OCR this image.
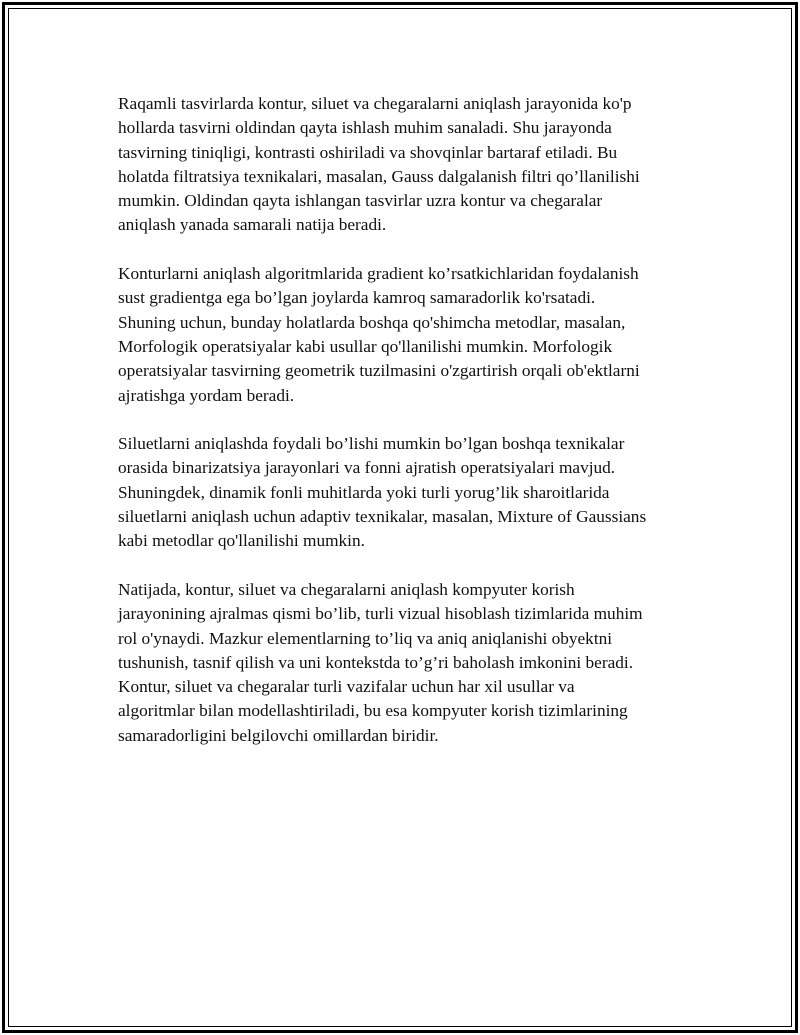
Raqamli tasvirlarda kontur, siluet va chegaralarni aniqlash jarayonida ko'p
hollarda tasvirni oldindan qayta ishlash muhim sanaladi. Shu jarayonda
tasvirning tiniqligi, kontrasti oshiriladi va shovqinlar bartaraf etiladi. Bu
holatda filtratsiya texnikalari, masalan, Gauss dalgalanish filtri qo’llanilishi
mumkin. Oldindan qayta ishlangan tasvirlar uzra kontur va chegaralar
aniqlash yanada samarali natija beradi.

Konturlarni aniqlash algoritmlarida gradient ko’rsatkichlaridan foydalanish
sust gradientga ega bo’lgan joylarda kamroq samaradorlik ko'rsatadi.
Shuning uchun, bunday holatlarda boshqa qo'shimcha metodlar, masalan,
Morfologik operatsiyalar kabi usullar qo'llanilishi mumkin. Morfologik
operatsiyalar tasvirning geometrik tuzilmasini o'zgartirish orqali ob'ektlarni
ajratishga yordam beradi.

Siluetlarni aniqlashda foydali bo’lishi mumkin bo’lgan boshqa texnikalar
orasida binarizatsiya jarayonlari va fonni ajratish operatsiyalari mavjud.
Shuningdek, dinamik fonli muhitlarda yoki turli yorug’lik sharoitlarida
siluetlarni aniqlash uchun adaptiv texnikalar, masalan, Mixture of Gaussians
kabi metodlar qo'llanilishi mumkin.

Natijada, kontur, siluet va chegaralarni aniqlash kompyuter korish
jarayonining ajralmas qismi bo’lib, turli vizual hisoblash tizimlarida muhim
rol o'ynaydi. Mazkur elementlarning to’liq va aniq aniqlanishi obyektni
tushunish, tasnif qilish va uni kontekstda to’g’ri baholash imkonini beradi.
Kontur, siluet va chegaralar turli vazifalar uchun har xil usullar va
algoritmlar bilan modellashtiriladi, bu esa kompyuter korish tizimlarining
samaradorligini belgilovchi omillardan biridir.
